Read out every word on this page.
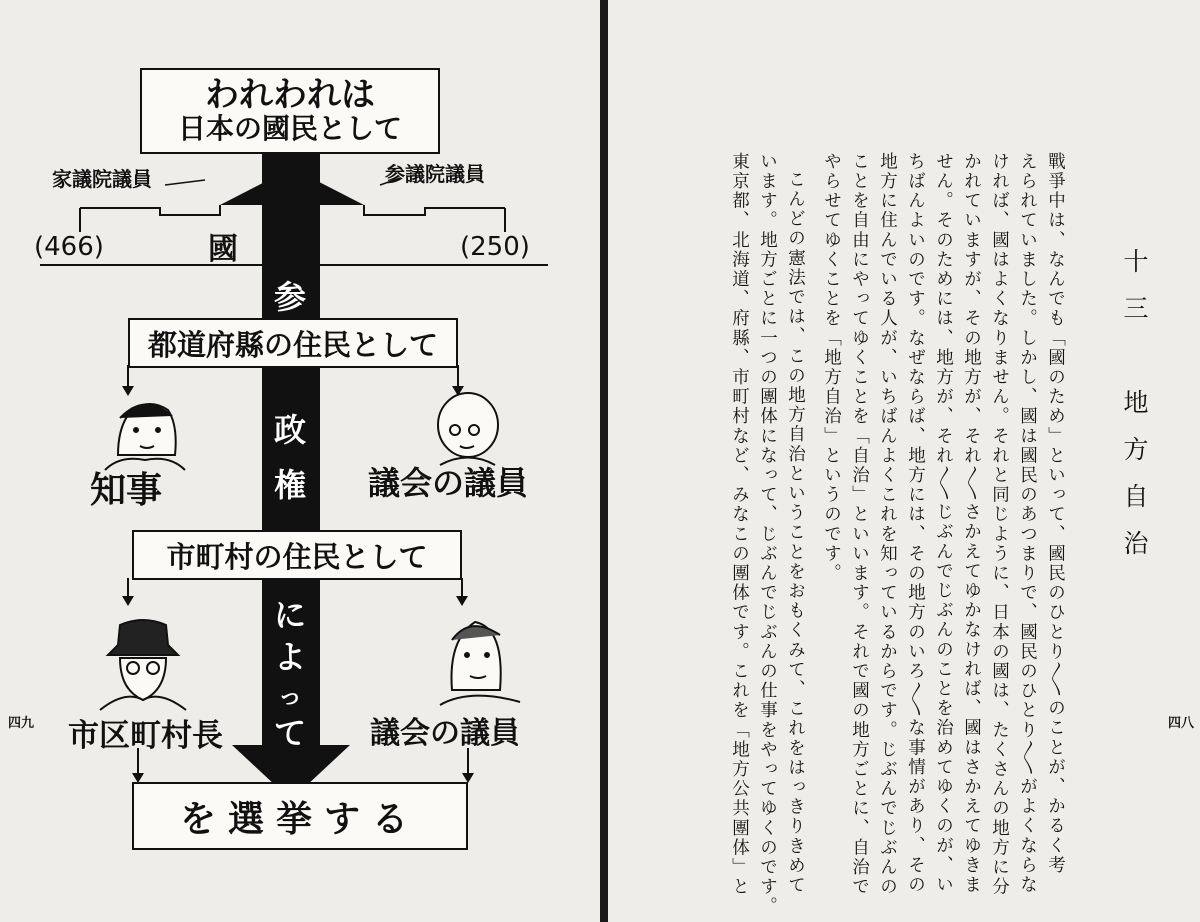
われわれは
日本の國民として
家議院議員	参議院議員
(466)	國　会	(250)
参
政
権
に
よ
っ
て
都道府縣の住民として
知事	議会の議員
市町村の住民として
市区町村長	議会の議員
を選挙する
四九
十三　地方自治
戰爭中は、なんでも「國のため」といって、國民のひとり〳〵のことが、かるく考
えられていました。しかし、國は國民のあつまりで、國民のひとり〳〵がよくならな
ければ、國はよくなりません。それと同じように、日本の國は、たくさんの地方に分
かれていますが、その地方が、それ〳〵さかえてゆかなければ、國はさかえてゆきま
せん。そのためには、地方が、それ〳〵じぶんでじぶんのことを治めてゆくのが、い
ちばんよいのです。なぜならば、地方には、その地方のいろ〳〵な事情があり、その
地方に住んでいる人が、いちばんよくこれを知っているからです。じぶんでじぶんの
ことを自由にやってゆくことを「自治」といいます。それで國の地方ごとに、自治で
やらせてゆくことを「地方自治」というのです。
こんどの憲法では、この地方自治ということをおもくみて、これをはっきりきめて
います。地方ごとに一つの團体になって、じぶんでじぶんの仕事をやってゆくのです。
東京都、北海道、府縣、市町村など、みなこの團体です。これを「地方公共團体」と	四八
